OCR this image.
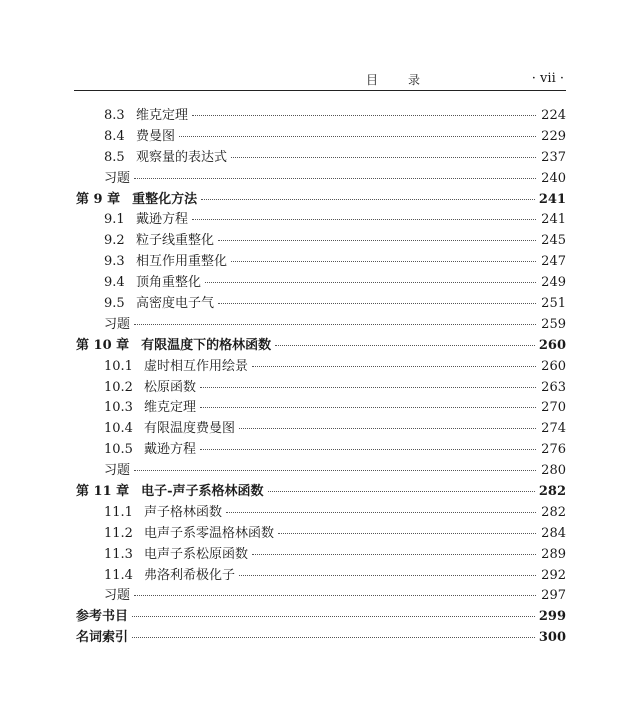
目 录	· vii ·
8.3 维克定理	224
8.4 费曼图	229
8.5 观察量的表达式	237
习题	240
第 9 章 重整化方法	241
9.1 戴逊方程	241
9.2 粒子线重整化	245
9.3 相互作用重整化	247
9.4 顶角重整化	249
9.5 高密度电子气	251
习题	259
第 10 章 有限温度下的格林函数	260
10.1 虚时相互作用绘景	260
10.2 松原函数	263
10.3 维克定理	270
10.4 有限温度费曼图	274
10.5 戴逊方程	276
习题	280
第 11 章 电子-声子系格林函数	282
11.1 声子格林函数	282
11.2 电声子系零温格林函数	284
11.3 电声子系松原函数	289
11.4 弗洛利希极化子	292
习题	297
参考书目	299
名词索引	300
